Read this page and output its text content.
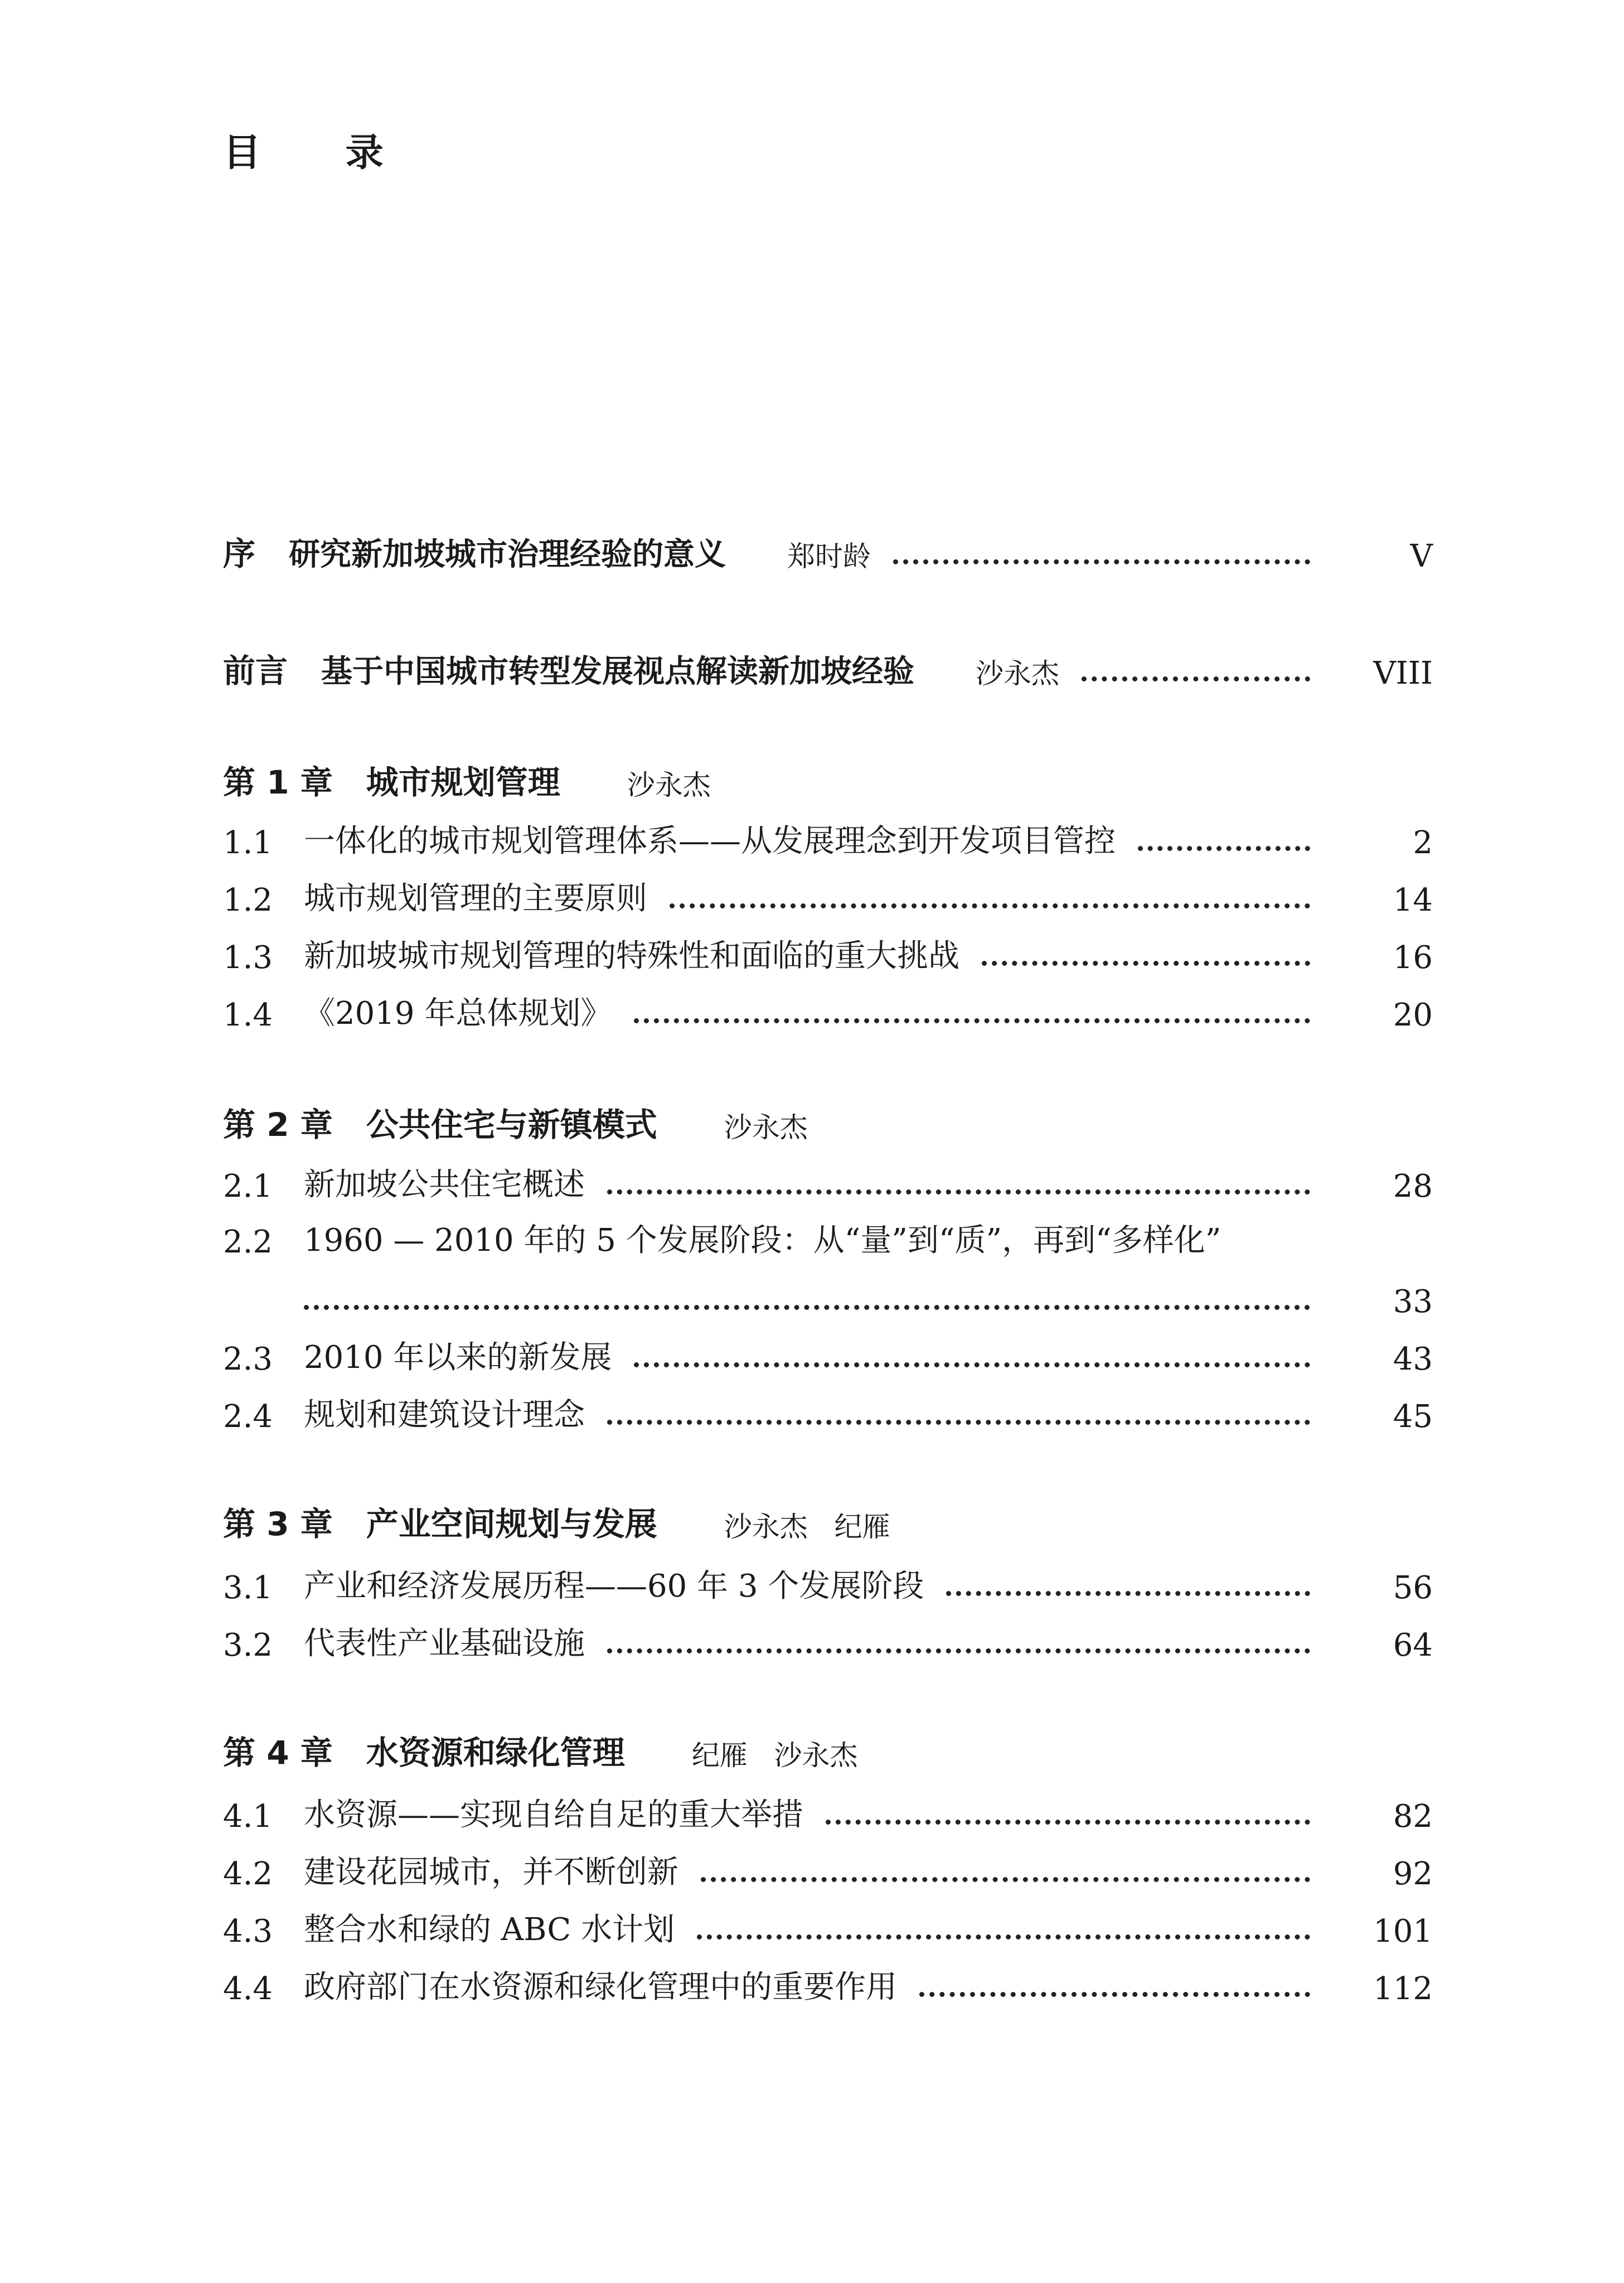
目 录
序 研究新加坡城市治理经验的意义 郑时龄	V
前言 基于中国城市转型发展视点解读新加坡经验 沙永杰	VIII
第 1 章 城市规划管理 沙永杰
1.1 一体化的城市规划管理体系——从发展理念到开发项目管控	2
1.2 城市规划管理的主要原则	14
1.3 新加坡城市规划管理的特殊性和面临的重大挑战	16
1.4 《2019 年总体规划》	20
第 2 章 公共住宅与新镇模式 沙永杰
2.1 新加坡公共住宅概述	28
2.2 1960 — 2010 年的 5 个发展阶段：从“量”到“质”，再到“多样化”
33
2.3 2010 年以来的新发展	43
2.4 规划和建筑设计理念	45
第 3 章 产业空间规划与发展 沙永杰   纪雁
3.1 产业和经济发展历程——60 年 3 个发展阶段	56
3.2 代表性产业基础设施	64
第 4 章 水资源和绿化管理 纪雁   沙永杰
4.1 水资源——实现自给自足的重大举措	82
4.2 建设花园城市，并不断创新	92
4.3 整合水和绿的 ABC 水计划	101
4.4 政府部门在水资源和绿化管理中的重要作用	112
